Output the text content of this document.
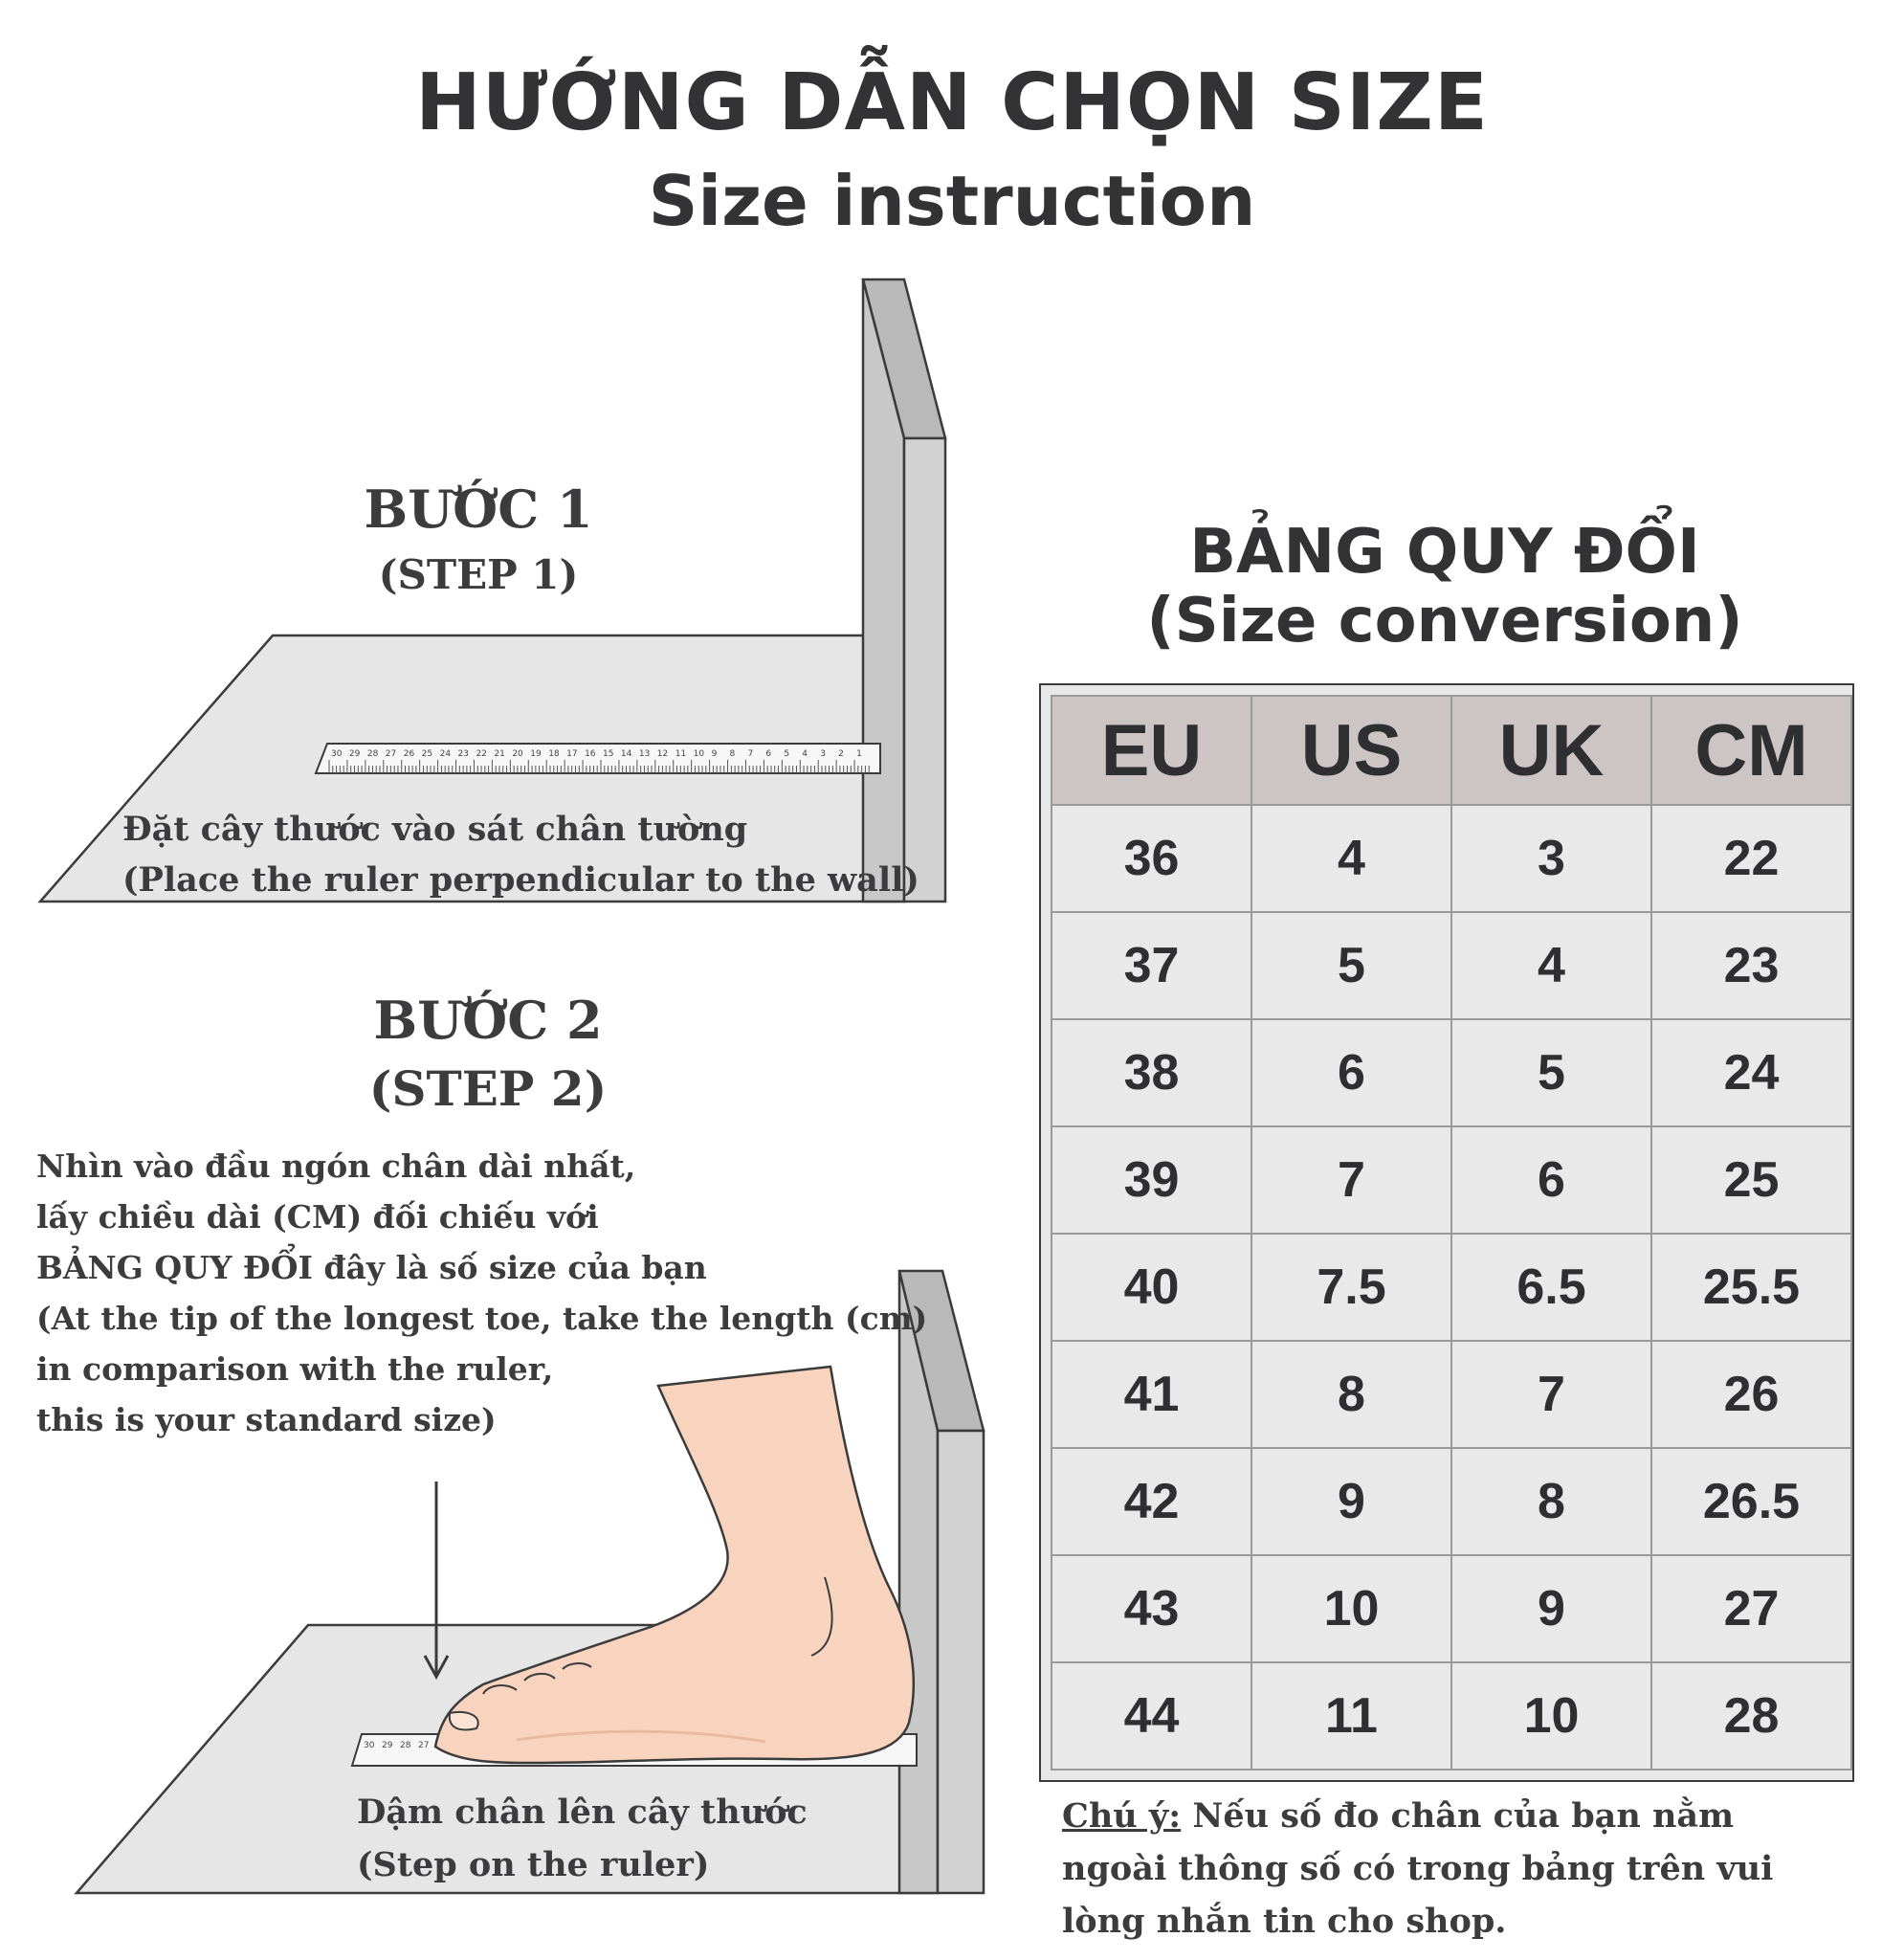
HƯỚNG DẪN CHỌN SIZE
Size instruction
30 29 28 27 26 25 24 23 22 21 20 19 18 17 16 15 14 13 12 11 10 9 8 7 6 5 4 3 2 1
30 29 28 27
BƯỚC 1
(STEP 1)
Đặt cây thước vào sát chân tường
(Place the ruler perpendicular to the wall)
BƯỚC 2
(STEP 2)
Nhìn vào đầu ngón chân dài nhất,
lấy chiều dài (CM) đối chiếu với
BẢNG QUY ĐỔI đây là số size của bạn
(At the tip of the longest toe, take the length (cm)
in comparison with the ruler,
this is your standard size)
Dậm chân lên cây thước
(Step on the ruler)
BẢNG QUY ĐỔI
(Size conversion)
EU	US	UK	CM
36	4	3	22
37	5	4	23
38	6	5	24
39	7	6	25
40	7.5	6.5	25.5
41	8	7	26
42	9	8	26.5
43	10	9	27
44	11	10	28
Chú ý: Nếu số đo chân của bạn nằm ngoài thông số có trong bảng trên vui lòng nhắn tin cho shop.
